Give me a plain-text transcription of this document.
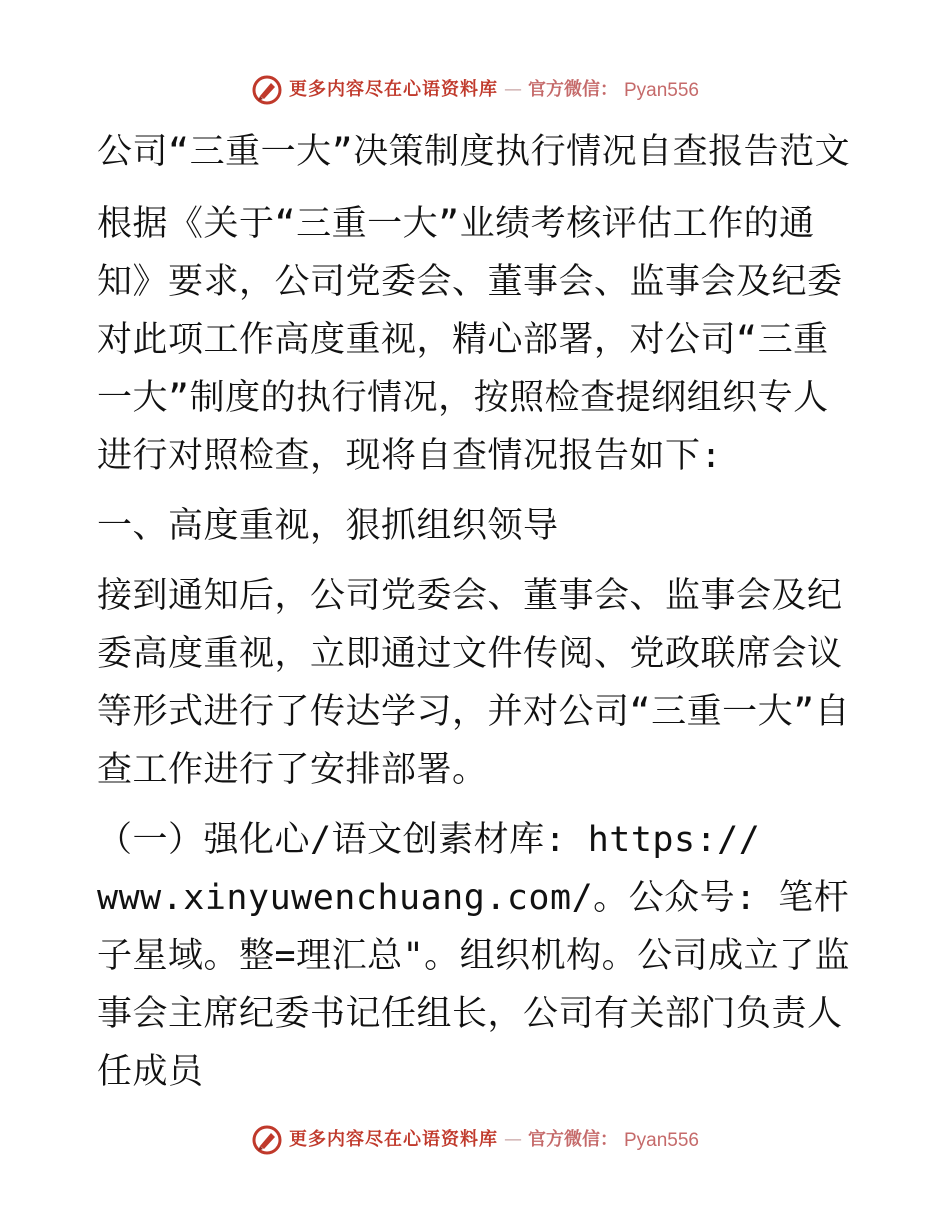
更多内容尽在心语资料库 — 官方微信： Pyan556

公司“三重一大”决策制度执行情况自查报告范文

根据《关于“三重一大”业绩考核评估工作的通知》要求，公司党委会、董事会、监事会及纪委对此项工作高度重视，精心部署，对公司“三重一大”制度的执行情况，按照检查提纲组织专人进行对照检查，现将自查情况报告如下:

一、高度重视，狠抓组织领导

接到通知后，公司党委会、董事会、监事会及纪委高度重视，立即通过文件传阅、党政联席会议等形式进行了传达学习，并对公司“三重一大”自查工作进行了安排部署。

（一）强化心/语文创素材库: https://

www.xinyuwenchuang.com/。公众号: 笔杆子星域。整=理汇总"。组织机构。公司成立了监事会主席纪委书记任组长，公司有关部门负责人任成员

更多内容尽在心语资料库 — 官方微信： Pyan556
